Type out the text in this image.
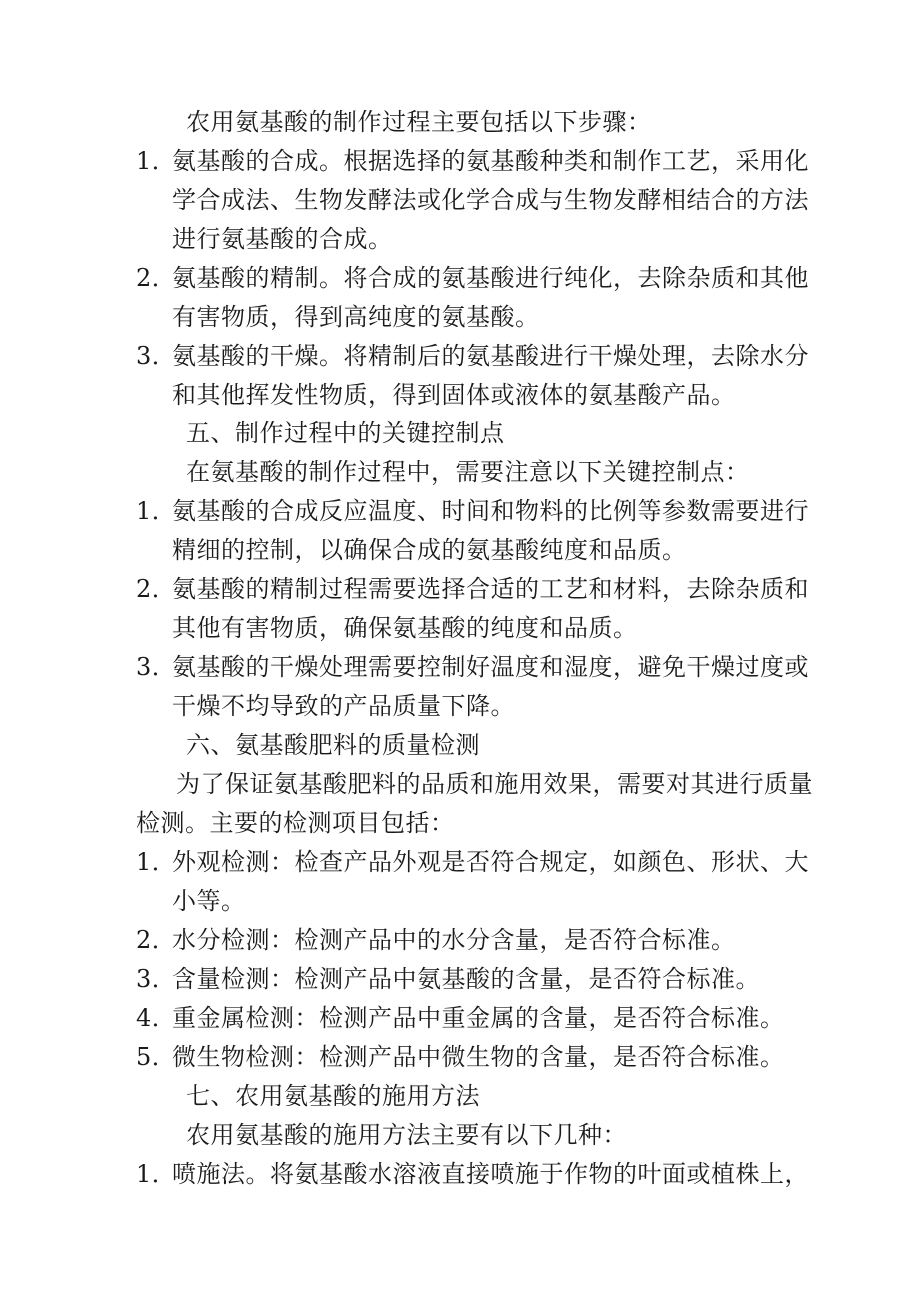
农用氨基酸的制作过程主要包括以下步骤：
1．氨基酸的合成。根据选择的氨基酸种类和制作工艺，采用化
学合成法、生物发酵法或化学合成与生物发酵相结合的方法
进行氨基酸的合成。
2．氨基酸的精制。将合成的氨基酸进行纯化，去除杂质和其他
有害物质，得到高纯度的氨基酸。
3．氨基酸的干燥。将精制后的氨基酸进行干燥处理，去除水分
和其他挥发性物质，得到固体或液体的氨基酸产品。
五、制作过程中的关键控制点
在氨基酸的制作过程中，需要注意以下关键控制点：
1．氨基酸的合成反应温度、时间和物料的比例等参数需要进行
精细的控制，以确保合成的氨基酸纯度和品质。
2．氨基酸的精制过程需要选择合适的工艺和材料，去除杂质和
其他有害物质，确保氨基酸的纯度和品质。
3．氨基酸的干燥处理需要控制好温度和湿度，避免干燥过度或
干燥不均导致的产品质量下降。
六、氨基酸肥料的质量检测
为了保证氨基酸肥料的品质和施用效果，需要对其进行质量
检测。主要的检测项目包括：
1．外观检测：检查产品外观是否符合规定，如颜色、形状、大
小等。
2．水分检测：检测产品中的水分含量，是否符合标准。
3．含量检测：检测产品中氨基酸的含量，是否符合标准。
4．重金属检测：检测产品中重金属的含量，是否符合标准。
5．微生物检测：检测产品中微生物的含量，是否符合标准。
七、农用氨基酸的施用方法
农用氨基酸的施用方法主要有以下几种：
1．喷施法。将氨基酸水溶液直接喷施于作物的叶面或植株上，
